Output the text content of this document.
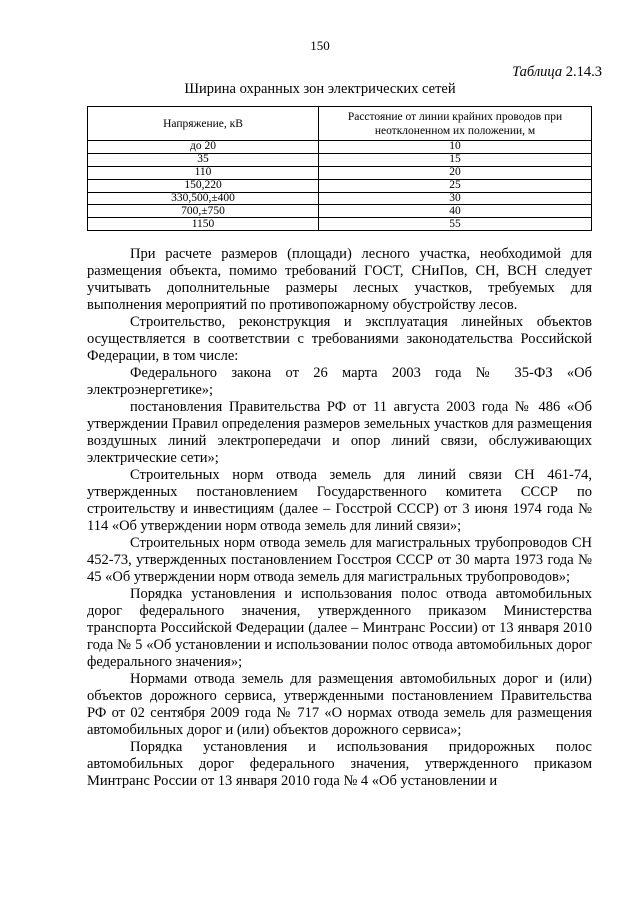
150
Таблица 2.14.3
Ширина охранных зон электрических сетей
Напряжение, кВ	Расстояние от линии крайних проводов при неотклоненном их положении, м
до 20	10
35	15
110	20
150,220	25
330,500,±400	30
700,±750	40
1150	55

При расчете размеров (площади) лесного участка, необходимой для размещения объекта, помимо требований ГОСТ, СНиПов, СН, ВСН следует учитывать дополнительные размеры лесных участков, требуемых для выполнения мероприятий по противопожарному обустройству лесов.

Строительство, реконструкция и эксплуатация линейных объектов осуществляется в соответствии с требованиями законодательства Российской Федерации, в том числе:

Федерального закона от 26 марта 2003 года № 35-ФЗ «Об электроэнергетике»;

постановления Правительства РФ от 11 августа 2003 года № 486 «Об утверждении Правил определения размеров земельных участков для размещения воздушных линий электропередачи и опор линий связи, обслуживающих электрические сети»;

Строительных норм отвода земель для линий связи СН 461-74, утвержденных постановлением Государственного комитета СССР по строительству и инвестициям (далее – Госстрой СССР) от 3 июня 1974 года № 114 «Об утверждении норм отвода земель для линий связи»;

Строительных норм отвода земель для магистральных трубопроводов СН 452-73, утвержденных постановлением Госстроя СССР от 30 марта 1973 года № 45 «Об утверждении норм отвода земель для магистральных трубопроводов»;

Порядка установления и использования полос отвода автомобильных дорог федерального значения, утвержденного приказом Министерства транспорта Российской Федерации (далее – Минтранс России) от 13 января 2010 года № 5 «Об установлении и использовании полос отвода автомобильных дорог федерального значения»;

Нормами отвода земель для размещения автомобильных дорог и (или) объектов дорожного сервиса, утвержденными постановлением Правительства РФ от 02 сентября 2009 года № 717 «О нормах отвода земель для размещения автомобильных дорог и (или) объектов дорожного сервиса»;

Порядка установления и использования придорожных полос автомобильных дорог федерального значения, утвержденного приказом Минтранс России от 13 января 2010 года № 4 «Об установлении и
